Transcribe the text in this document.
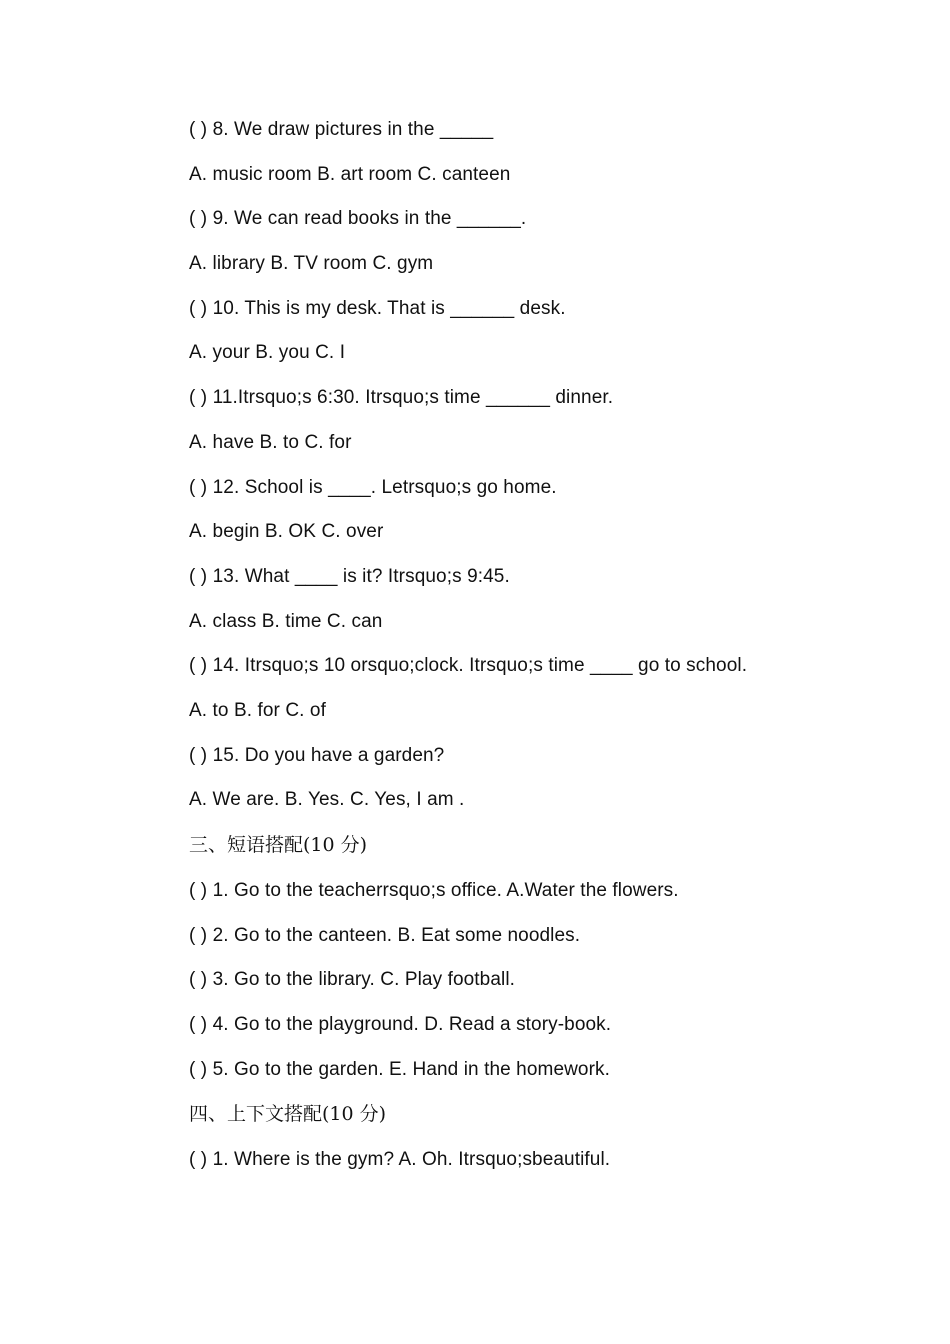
( ) 8. We draw pictures in the _____
A. music room B. art room C. canteen
( ) 9. We can read books in the ______.
A. library B. TV room C. gym
( ) 10. This is my desk. That is ______ desk.
A. your B. you C. I
( ) 11.Itrsquo;s 6:30. Itrsquo;s time ______ dinner.
A. have B. to C. for
( ) 12. School is ____. Letrsquo;s go home.
A. begin B. OK C. over
( ) 13. What ____ is it? Itrsquo;s 9:45.
A. class B. time C. can
( ) 14. Itrsquo;s 10 orsquo;clock. Itrsquo;s time ____ go to school.
A. to B. for C. of
( ) 15. Do you have a garden?
A. We are. B. Yes. C. Yes, I am .
三、短语搭配(10 分)
( ) 1. Go to the teacherrsquo;s office. A.Water the flowers.
( ) 2. Go to the canteen. B. Eat some noodles.
( ) 3. Go to the library. C. Play football.
( ) 4. Go to the playground. D. Read a story-book.
( ) 5. Go to the garden. E. Hand in the homework.
四、上下文搭配(10 分)
( ) 1. Where is the gym? A. Oh. Itrsquo;sbeautiful.
